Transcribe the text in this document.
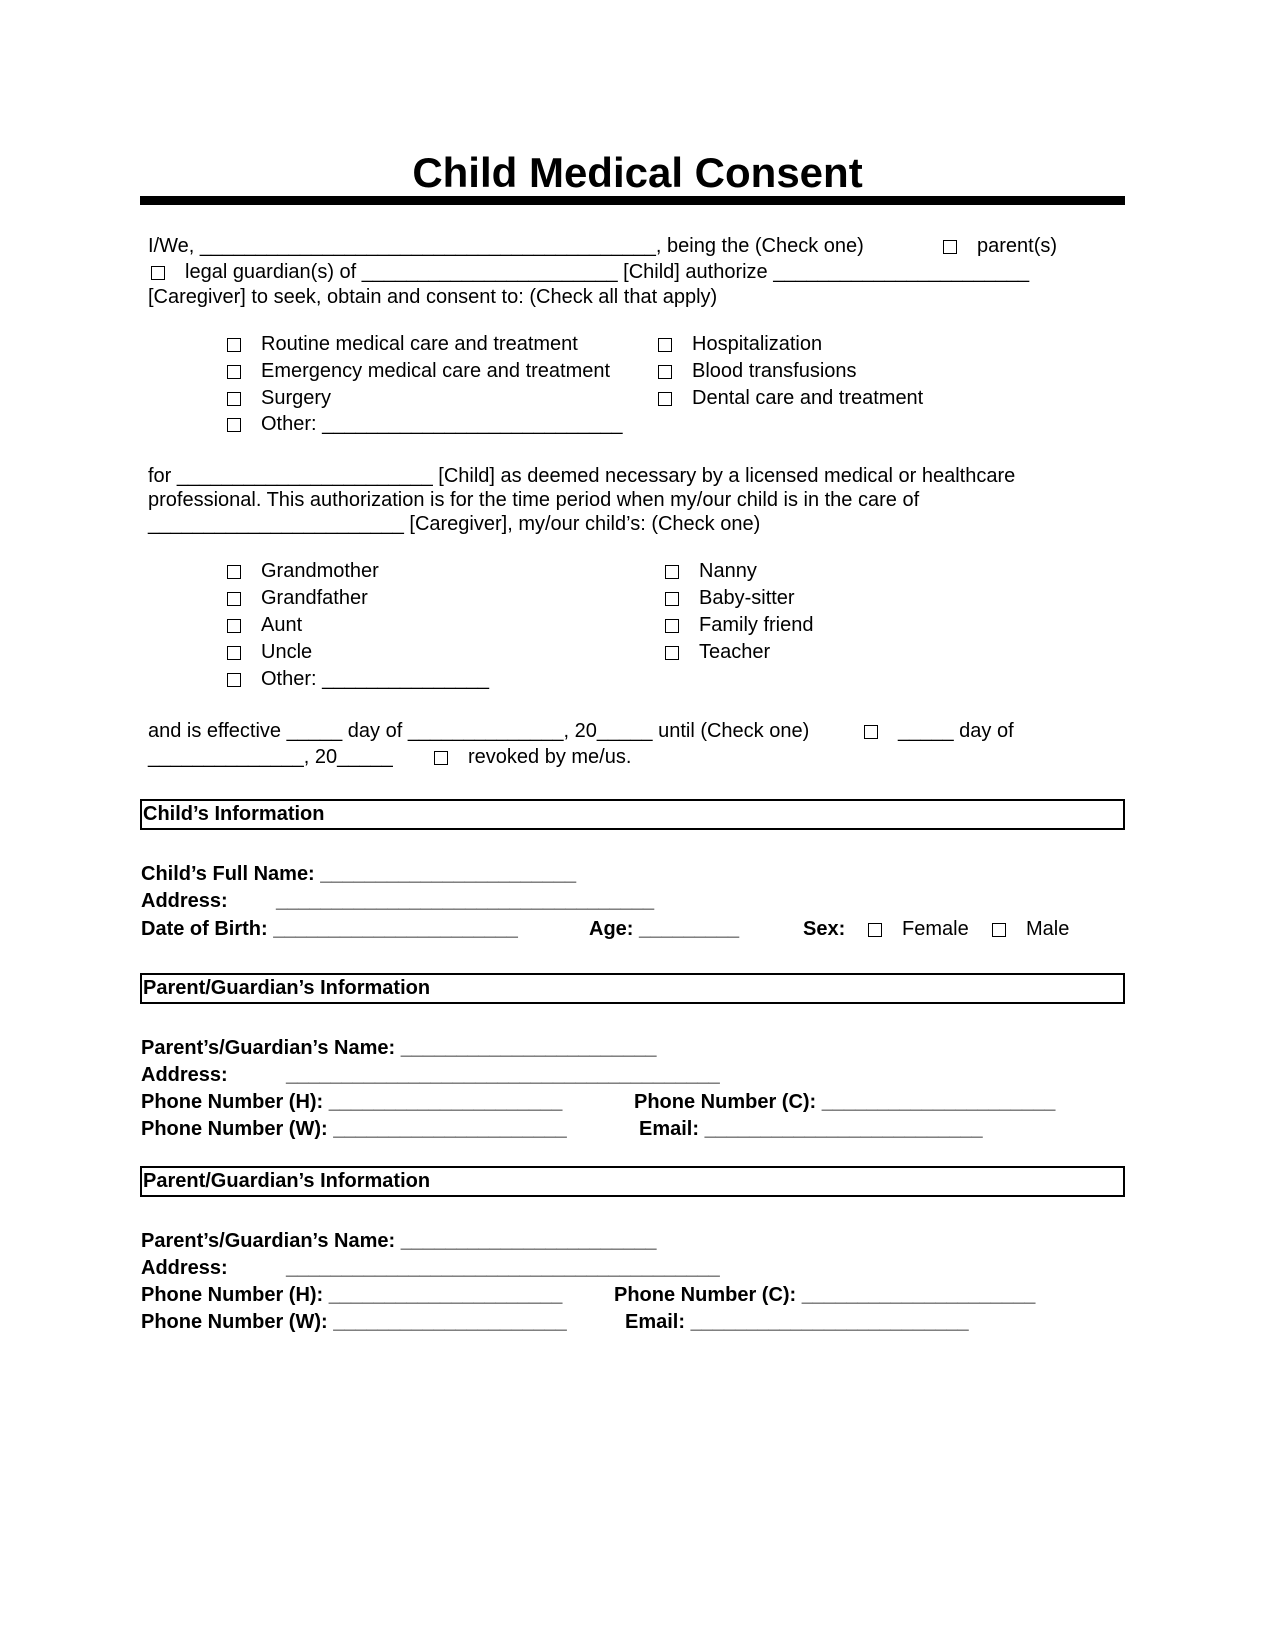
Child Medical Consent
I/We, _________________________________________, being the (Check one)	parent(s)
legal guardian(s) of _______________________ [Child] authorize _______________________
[Caregiver] to seek, obtain and consent to: (Check all that apply)
Routine medical care and treatment
Emergency medical care and treatment
Surgery
Other: ___________________________
Hospitalization
Blood transfusions
Dental care and treatment
for _______________________ [Child] as deemed necessary by a licensed medical or healthcare
professional. This authorization is for the time period when my/our child is in the care of
_______________________ [Caregiver], my/our child’s: (Check one)
Grandmother
Grandfather
Aunt
Uncle
Other: _______________
Nanny
Baby-sitter
Family friend
Teacher
and is effective _____ day of ______________, 20_____ until (Check one)	_____ day of
______________, 20_____	revoked by me/us.
Child’s Information
Child’s Full Name: _______________________
Address: __________________________________
Date of Birth: ______________________	Age: _________	Sex:	Female	Male
Parent/Guardian’s Information
Parent’s/Guardian’s Name: _______________________
Address:	_______________________________________
Phone Number (H): _____________________	Phone Number (C): _____________________
Phone Number (W): _____________________	Email: _________________________
Parent/Guardian’s Information
Parent’s/Guardian’s Name: _______________________
Address:	_______________________________________
Phone Number (H): _____________________	Phone Number (C): _____________________
Phone Number (W): _____________________	Email: _________________________
